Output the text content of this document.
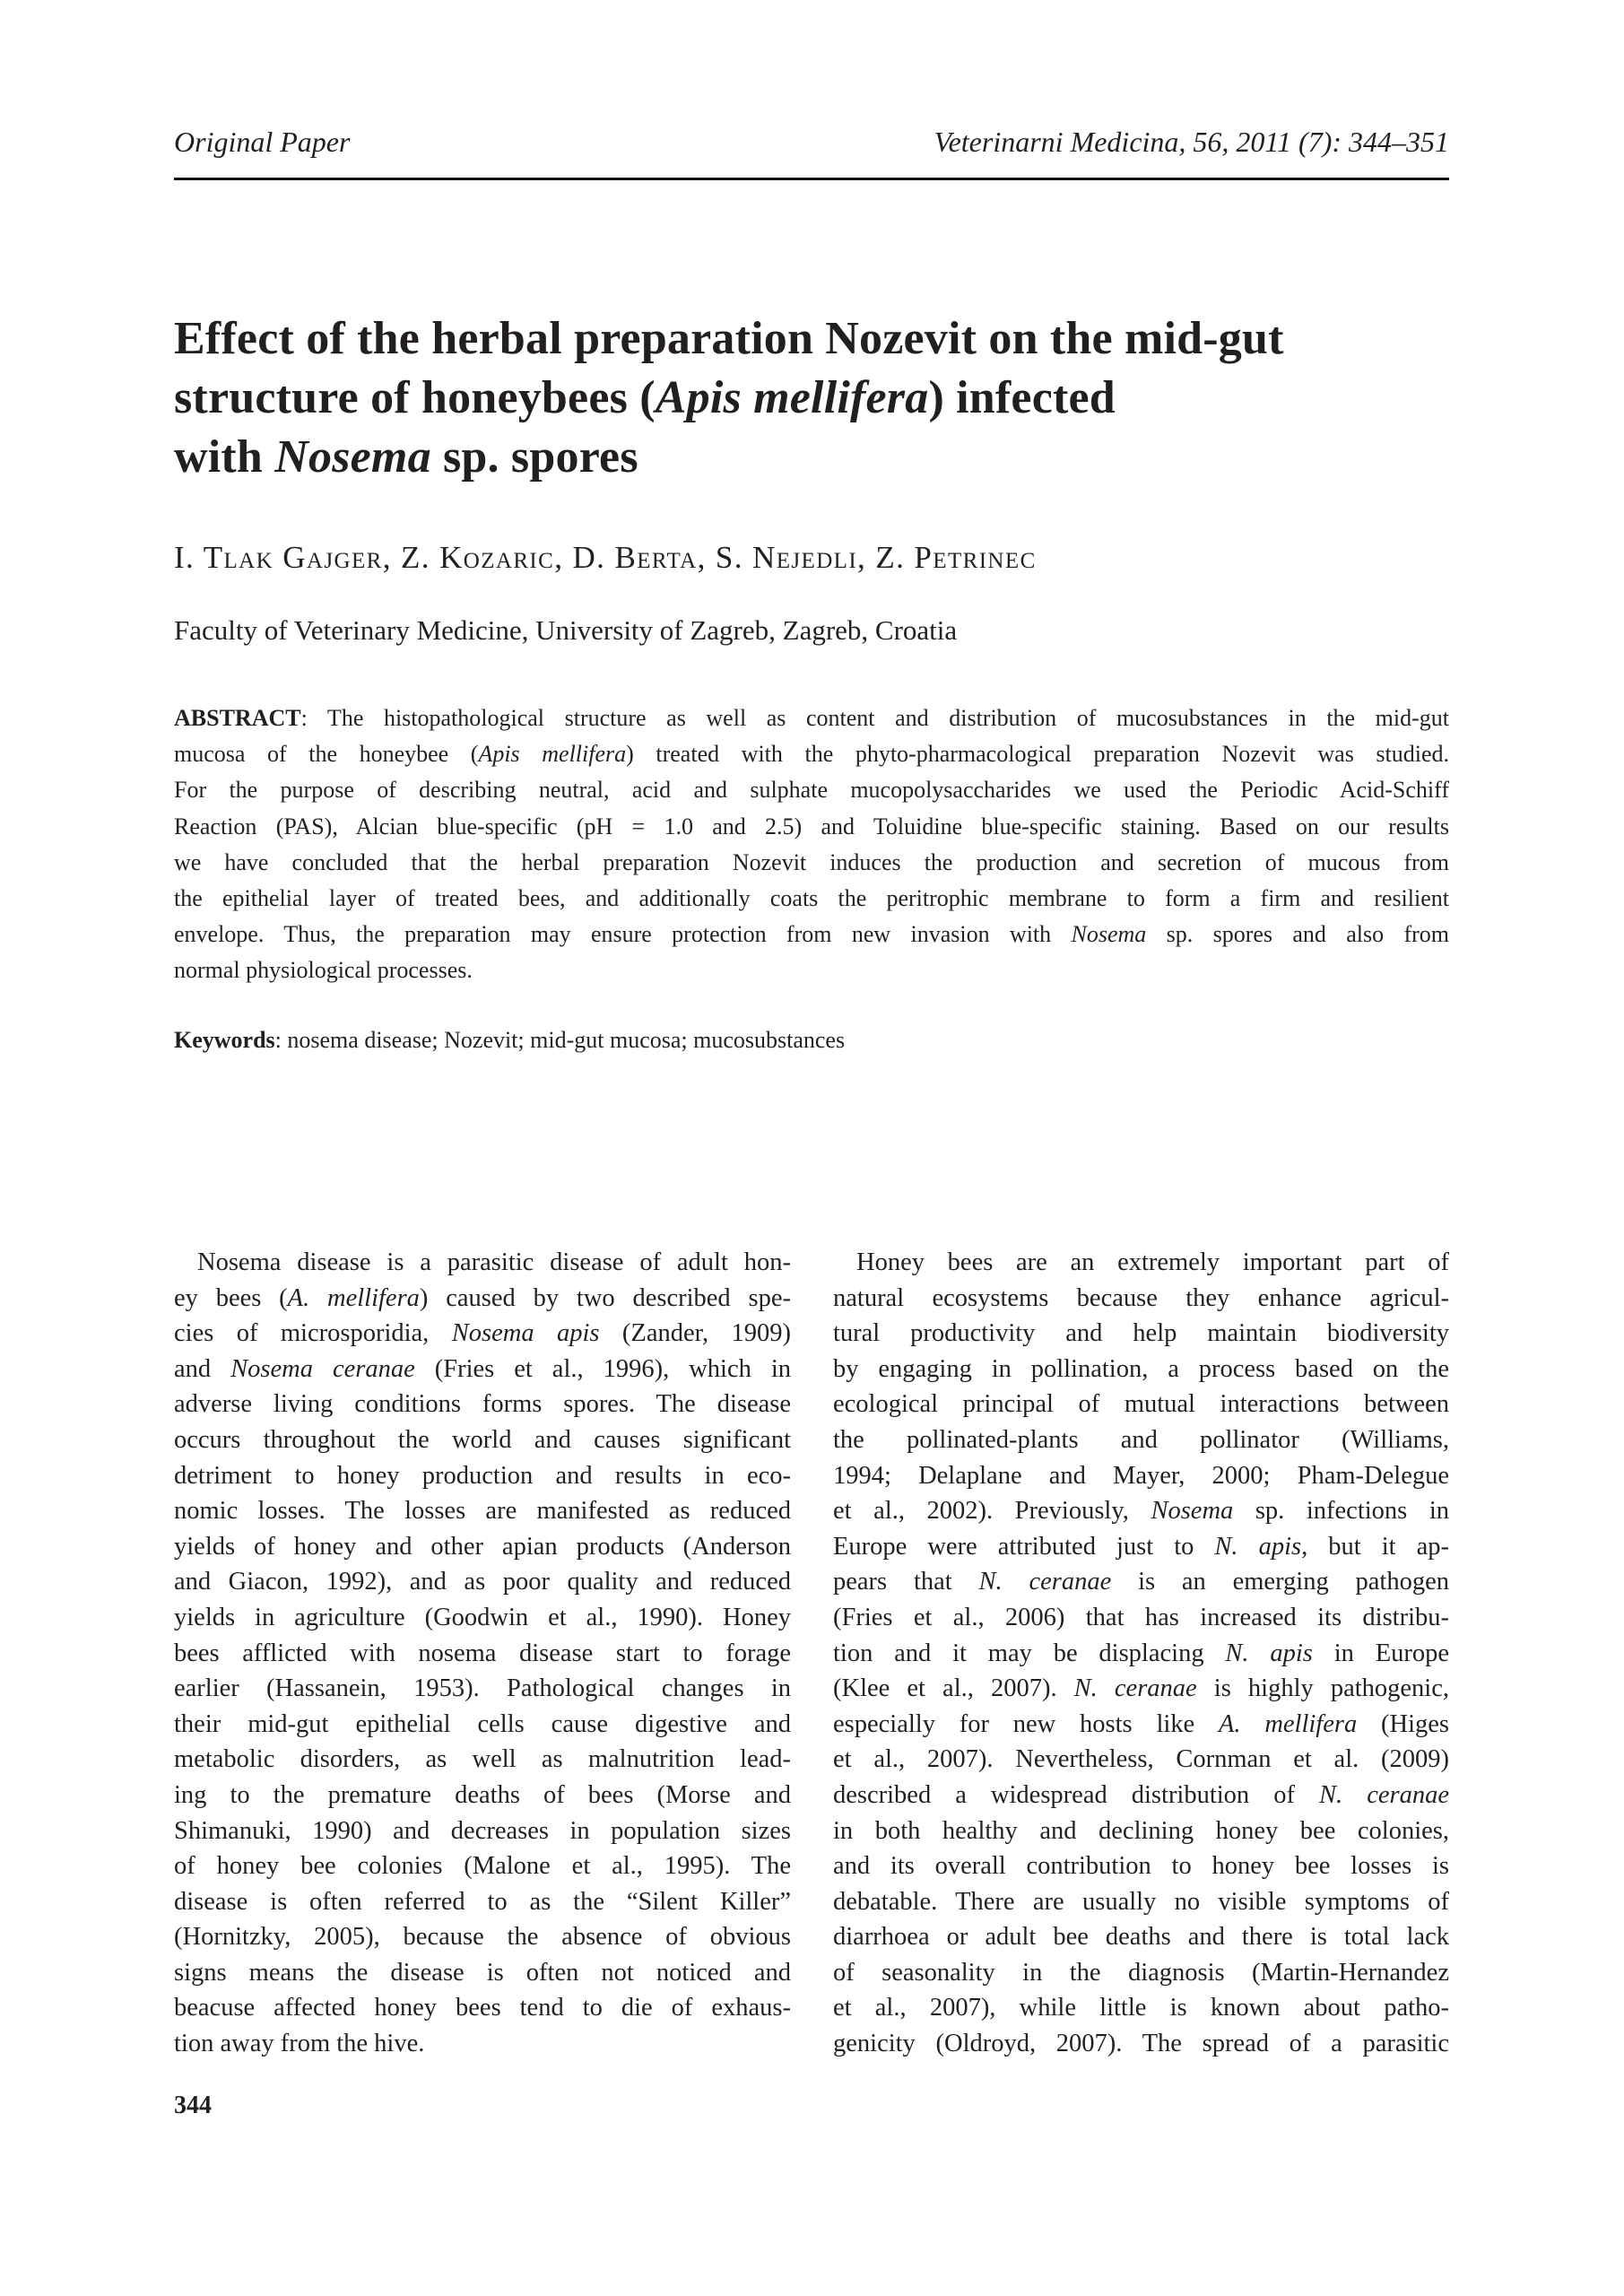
Original Paper	Veterinarni Medicina, 56, 2011 (7): 344–351
Effect of the herbal preparation Nozevit on the mid-gut
structure of honeybees (Apis mellifera) infected
with Nosema sp. spores
I. Tlak Gajger, Z. Kozaric, D. Berta, S. Nejedli, Z. Petrinec
Faculty of Veterinary Medicine, University of Zagreb, Zagreb, Croatia
ABSTRACT: The histopathological structure as well as content and distribution of mucosubstances in the mid-gut
mucosa of the honeybee (Apis mellifera) treated with the phyto-pharmacological preparation Nozevit was studied.
For the purpose of describing neutral, acid and sulphate mucopolysaccharides we used the Periodic Acid-Schiff
Reaction (PAS), Alcian blue-specific (pH = 1.0 and 2.5) and Toluidine blue-specific staining. Based on our results
we have concluded that the herbal preparation Nozevit induces the production and secretion of mucous from
the epithelial layer of treated bees, and additionally coats the peritrophic membrane to form a firm and resilient
envelope. Thus, the preparation may ensure protection from new invasion with Nosema sp. spores and also from
normal physiological processes.
Keywords: nosema disease; Nozevit; mid-gut mucosa; mucosubstances
Nosema disease is a parasitic disease of adult hon-
ey bees (A. mellifera) caused by two described spe-
cies of microsporidia, Nosema apis (Zander, 1909)
and Nosema ceranae (Fries et al., 1996), which in
adverse living conditions forms spores. The disease
occurs throughout the world and causes significant
detriment to honey production and results in eco-
nomic losses. The losses are manifested as reduced
yields of honey and other apian products (Anderson
and Giacon, 1992), and as poor quality and reduced
yields in agriculture (Goodwin et al., 1990). Honey
bees afflicted with nosema disease start to forage
earlier (Hassanein, 1953). Pathological changes in
their mid-gut epithelial cells cause digestive and
metabolic disorders, as well as malnutrition lead-
ing to the premature deaths of bees (Morse and
Shimanuki, 1990) and decreases in population sizes
of honey bee colonies (Malone et al., 1995). The
disease is often referred to as the “Silent Killer”
(Hornitzky, 2005), because the absence of obvious
signs means the disease is often not noticed and
beacuse affected honey bees tend to die of exhaus-
tion away from the hive.
Honey bees are an extremely important part of
natural ecosystems because they enhance agricul-
tural productivity and help maintain biodiversity
by engaging in pollination, a process based on the
ecological principal of mutual interactions between
the pollinated-plants and pollinator (Williams,
1994; Delaplane and Mayer, 2000; Pham-Delegue
et al., 2002). Previously, Nosema sp. infections in
Europe were attributed just to N. apis, but it ap-
pears that N. ceranae is an emerging pathogen
(Fries et al., 2006) that has increased its distribu-
tion and it may be displacing N. apis in Europe
(Klee et al., 2007). N. ceranae is highly pathogenic,
especially for new hosts like A. mellifera (Higes
et al., 2007). Nevertheless, Cornman et al. (2009)
described a widespread distribution of N. ceranae
in both healthy and declining honey bee colonies,
and its overall contribution to honey bee losses is
debatable. There are usually no visible symptoms of
diarrhoea or adult bee deaths and there is total lack
of seasonality in the diagnosis (Martin-Hernandez
et al., 2007), while little is known about patho-
genicity (Oldroyd, 2007). The spread of a parasitic
344
